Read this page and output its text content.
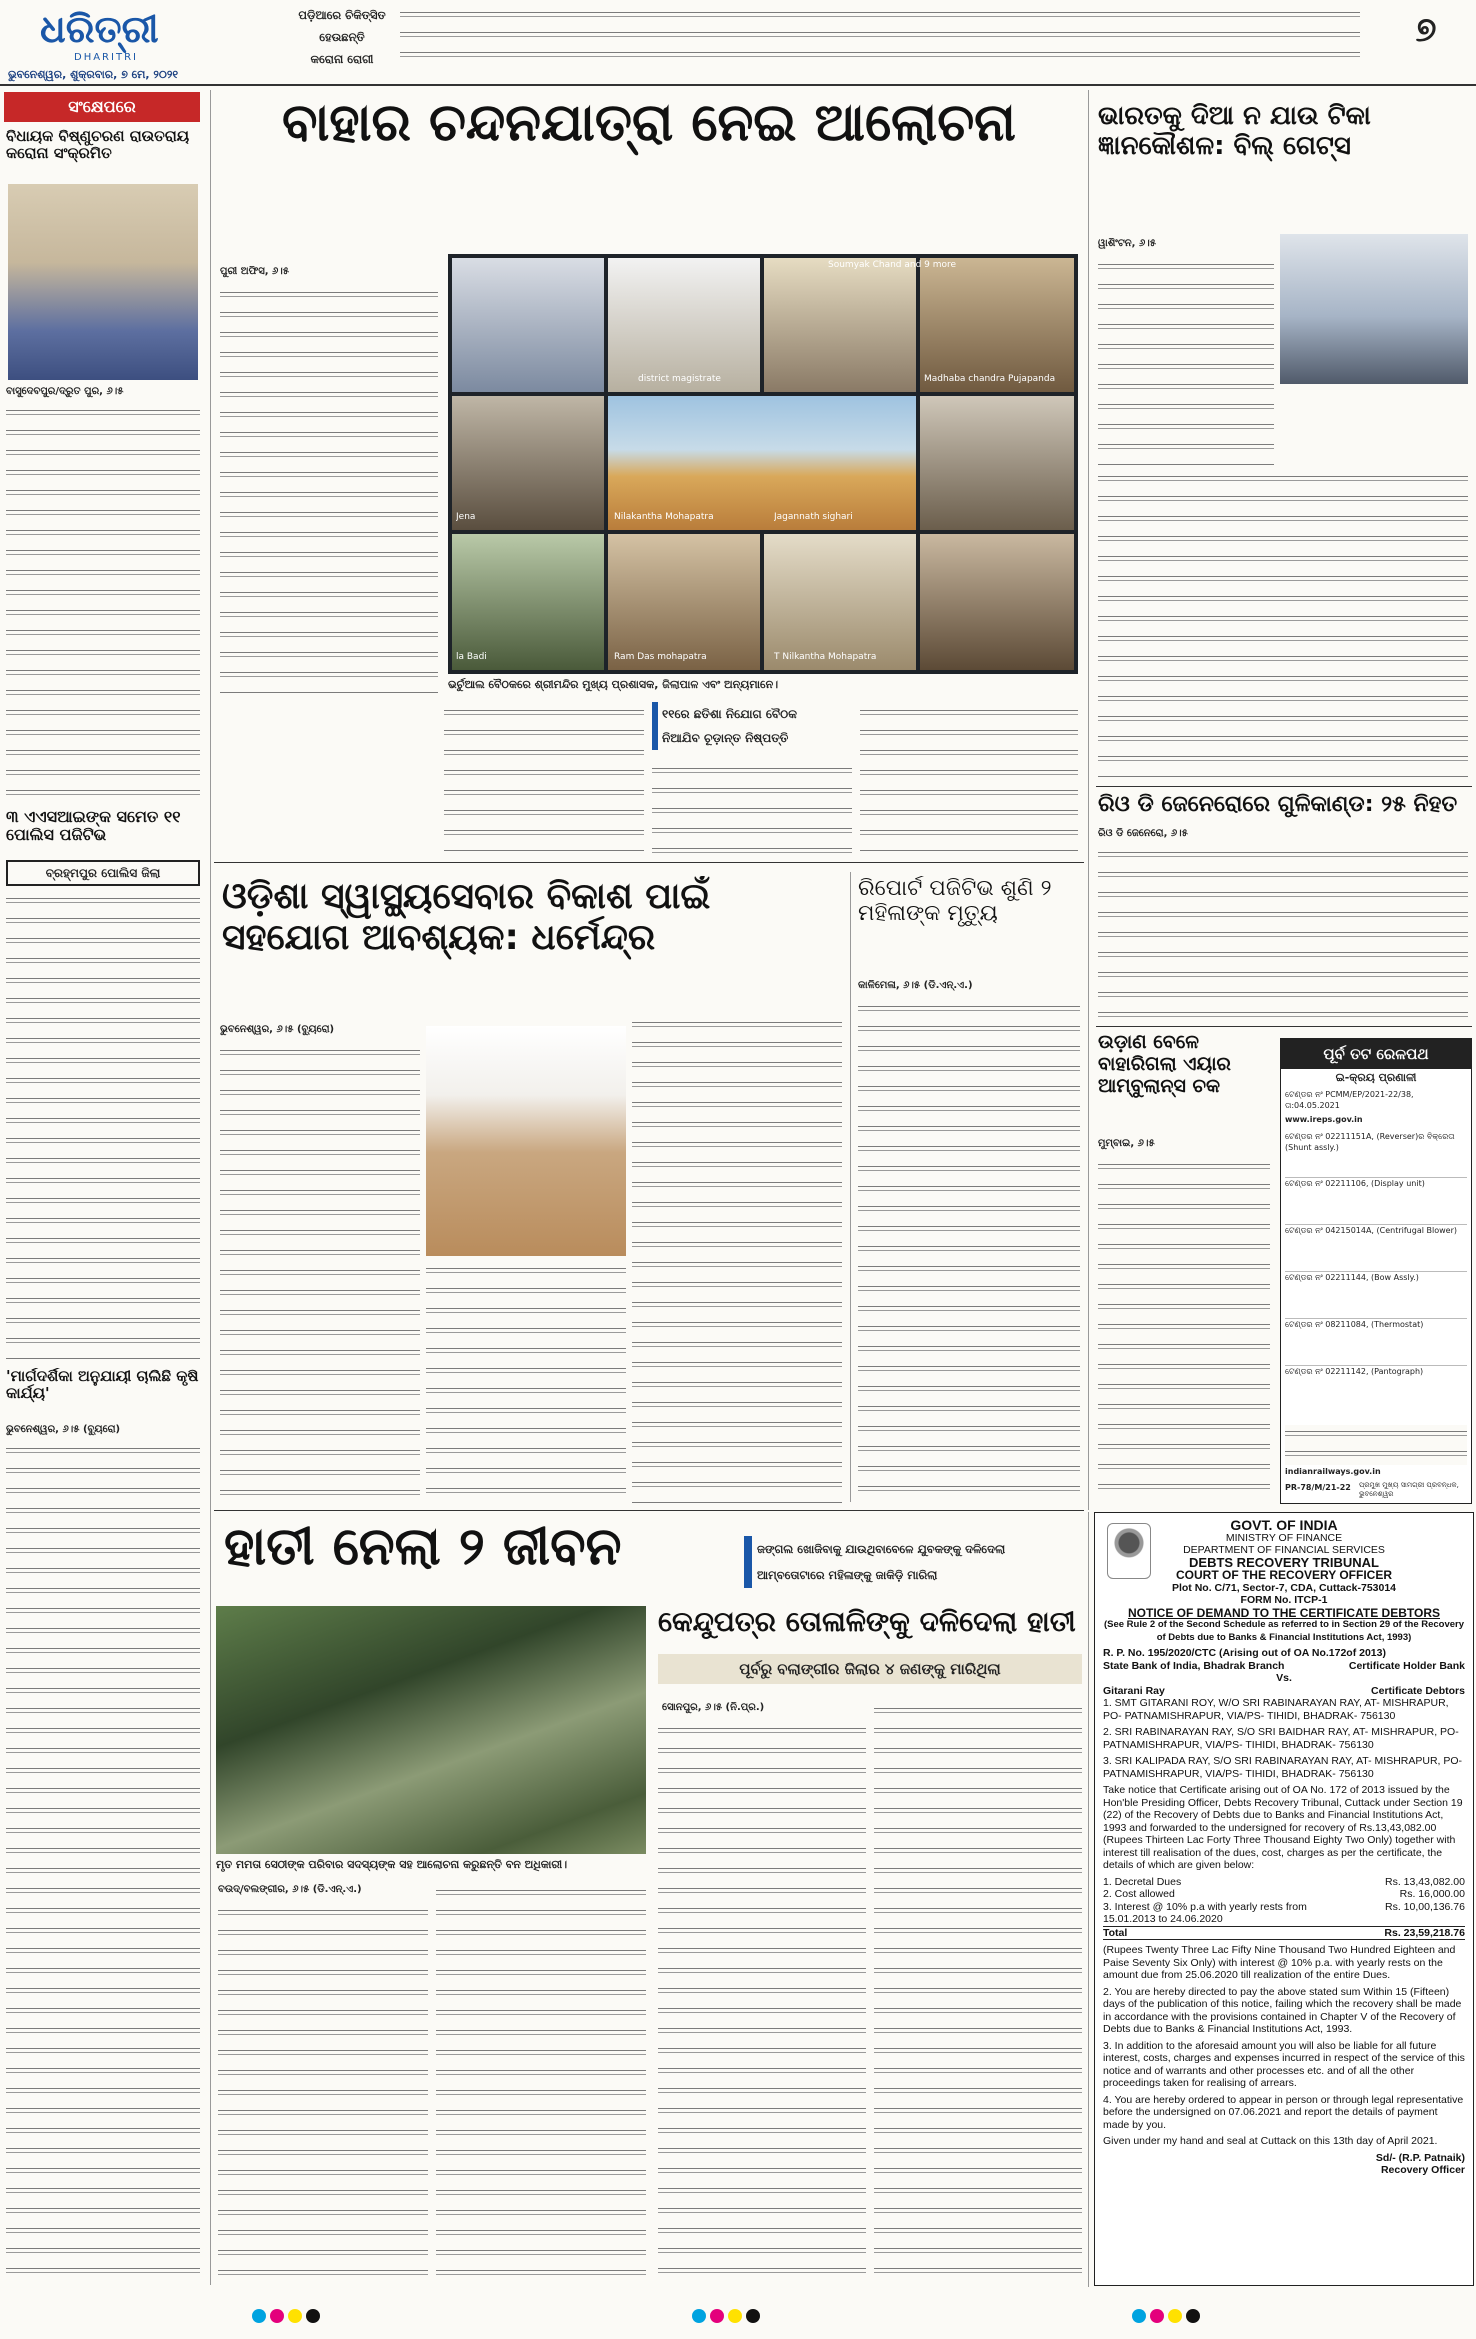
ଧରିତ୍ରୀ
DHARITRI
ଭୁବନେଶ୍ୱର, ଶୁକ୍ରବାର, ୭ ମେ, ୨୦୨୧
ପଡ଼ିଆରେ ଚିକିତ୍ସିତ
ହେଉଛନ୍ତି
କରୋନା ରୋଗୀ
୭
ସଂକ୍ଷେପରେ
ବିଧାୟକ ବିଷ୍ଣୁଚରଣ ରାଉତରାୟ କରୋନା ସଂକ୍ରମିତ
ବାସୁଦେବପୁର/ଦ୍ରୁତ ପୁର, ୬।୫
୩ ଏଏସଆଇଙ୍କ ସମେତ ୧୧ ପୋଲିସ ପଜିଟିଭ
ବ୍ରହ୍ମପୁର ପୋଲିସ ଜିଲା
'ମାର୍ଗଦର୍ଶିକା ଅନୁଯାୟୀ ଚାଲିଛି କୃଷି କାର୍ଯ୍ୟ'
ଭୁବନେଶ୍ୱର, ୬।୫ (ବ୍ୟୁରୋ)
ବାହାର ଚନ୍ଦନଯାତ୍ରା ନେଇ ଆଲୋଚନା
ପୁରୀ ଅଫିସ, ୬।୫
district magistrate
Soumyak Chand and 9 more
Madhaba chandra Pujapanda
Jena	Nilakantha Mohapatra	Jagannath sighari
la Badi	Ram Das mohapatra	T Nilkantha Mohapatra
ଭର୍ଚୁଆଲ ବୈଠକରେ ଶ୍ରୀମନ୍ଦିର ମୁଖ୍ୟ ପ୍ରଶାସକ, ଜିଲାପାଳ ଏବଂ ଅନ୍ୟମାନେ।
୧୧ରେ ଛତିଶା ନିଯୋଗ ବୈଠକ
ନିଆଯିବ ଚୂଡ଼ାନ୍ତ ନିଷ୍ପତ୍ତି
ଭାରତକୁ ଦିଆ ନ ଯାଉ ଟିକା ଜ୍ଞାନକୌଶଳ: ବିଲ୍ ଗେଟ୍ସ
ୱାଶିଂଟନ, ୬।୫
ରିଓ ଡି ଜେନେରୋରେ ଗୁଳିକାଣ୍ଡ: ୨୫ ନିହତ
ରିଓ ଡି ଜେନେରୋ, ୬।୫
ଉଡ଼ାଣ ବେଳେ ବାହାରିଗଲା ଏୟାର ଆମ୍ବୁଲାନ୍ସ ଚକ
ମୁମ୍ବାଇ, ୬।୫
ପୂର୍ବ ତଟ ରେଳପଥ
ଇ-କ୍ରୟ ପ୍ରଣାଳୀ
ଟେଣ୍ଡର ନଂ PCMM/EP/2021-22/38, ତା:04.05.2021
www.ireps.gov.in
ଟେଣ୍ଡର ନଂ 02211151A, (Reverser)ର ବିକ୍ରେତା (Shunt assly.)
ଟେଣ୍ଡର ନଂ 02211106, (Display unit)
ଟେଣ୍ଡର ନଂ 04215014A, (Centrifugal Blower)
ଟେଣ୍ଡର ନଂ 02211144, (Bow Assly.)
ଟେଣ୍ଡର ନଂ 08211084, (Thermostat)
ଟେଣ୍ଡର ନଂ 02211142, (Pantograph)
indianrailways.gov.in
PR-78/M/21-22	ପ୍ରମୁଖ ମୁଖ୍ୟ ସାମଗ୍ରୀ ପ୍ରବନ୍ଧକ, ଭୁବନେଶ୍ୱର
ଓଡ଼ିଶା ସ୍ୱାସ୍ଥ୍ୟସେବାର ବିକାଶ ପାଇଁ ସହଯୋଗ ଆବଶ୍ୟକ: ଧର୍ମେନ୍ଦ୍ର
ଭୁବନେଶ୍ୱର, ୬।୫ (ବ୍ୟୁରୋ)
ରିପୋର୍ଟ ପଜିଟିଭ ଶୁଣି ୨ ମହିଳାଙ୍କ ମୃତ୍ୟୁ
କାଳିମେଳା, ୬।୫ (ଡି.ଏନ୍.ଏ.)
ହାତୀ ନେଲା ୨ ଜୀବନ	ଜଙ୍ଗଲ ଖୋଜିବାକୁ ଯାଉଥିବାବେଳେ ଯୁବକଙ୍କୁ ଦଳିଦେଲା
ଆମ୍ବତୋଟାରେ ମହିଳାଙ୍କୁ ଜାକିଡ଼ି ମାରିଲା
ମୃତ ମମତା ସେଠୀଙ୍କ ପରିବାର ସଦସ୍ୟଙ୍କ ସହ ଆଲୋଚନା କରୁଛନ୍ତି ବନ ଅଧିକାରୀ।
ବଉଦ୍/ବଲଙ୍ଗୀର, ୬।୫ (ଡି.ଏନ୍.ଏ.)
କେନ୍ଦୁପତ୍ର ତୋଳାଳିଙ୍କୁ ଦଳିଦେଲା ହାତୀ
ପୂର୍ବରୁ ବଲାଙ୍ଗୀର ଜିଲାର ୪ ଜଣଙ୍କୁ ମାରିଥିଲା
ସୋନପୁର, ୬।୫ (ନି.ପ୍ର.)
GOVT. OF INDIA
MINISTRY OF FINANCE
DEPARTMENT OF FINANCIAL SERVICES
DEBTS RECOVERY TRIBUNAL
COURT OF THE RECOVERY OFFICER
Plot No. C/71, Sector-7, CDA, Cuttack-753014
FORM No. ITCP-1
NOTICE OF DEMAND TO THE CERTIFICATE DEBTORS
(See Rule 2 of the Second Schedule as referred to in Section 29 of the Recovery of Debts due to Banks & Financial Institutions Act, 1993)
R. P. No. 195/2020/CTC (Arising out of OA No.172of 2013)
State Bank of India, Bhadrak Branch	Certificate Holder Bank
Vs.
Gitarani Ray	Certificate Debtors

1. SMT GITARANI ROY, W/O SRI RABINARAYAN RAY, AT- MISHRAPUR, PO- PATNAMISHRAPUR, VIA/PS- TIHIDI, BHADRAK- 756130

2. SRI RABINARAYAN RAY, S/O SRI BAIDHAR RAY, AT- MISHRAPUR, PO- PATNAMISHRAPUR, VIA/PS- TIHIDI, BHADRAK- 756130

3. SRI KALIPADA RAY, S/O SRI RABINARAYAN RAY, AT- MISHRAPUR, PO- PATNAMISHRAPUR, VIA/PS- TIHIDI, BHADRAK- 756130

Take notice that Certificate arising out of OA No. 172 of 2013 issued by the Hon'ble Presiding Officer, Debts Recovery Tribunal, Cuttack under Section 19 (22) of the Recovery of Debts due to Banks and Financial Institutions Act, 1993 and forwarded to the undersigned for recovery of Rs.13,43,082.00 (Rupees Thirteen Lac Forty Three Thousand Eighty Two Only) together with interest till realisation of the dues, cost, charges as per the certificate, the details of which are given below:

1. Decretal Dues	Rs. 13,43,082.00
2. Cost allowed	Rs. 16,000.00
3. Interest @ 10% p.a with yearly rests from 15.01.2013 to 24.06.2020
Rs. 10,00,136.76
Total	Rs. 23,59,218.76

(Rupees Twenty Three Lac Fifty Nine Thousand Two Hundred Eighteen and Paise Seventy Six Only) with interest @ 10% p.a. with yearly rests on the amount due from 25.06.2020 till realization of the entire Dues.

2. You are hereby directed to pay the above stated sum Within 15 (Fifteen) days of the publication of this notice, failing which the recovery shall be made in accordance with the provisions contained in Chapter V of the Recovery of Debts due to Banks & Financial Institutions Act, 1993.

3. In addition to the aforesaid amount you will also be liable for all future interest, costs, charges and expenses incurred in respect of the service of this notice and of warrants and other processes etc. and of all the other proceedings taken for realising of arrears.

4. You are hereby ordered to appear in person or through legal representative before the undersigned on 07.06.2021 and report the details of payment made by you.

Given under my hand and seal at Cuttack on this 13th day of April 2021.

Sd/- (R.P. Patnaik)
Recovery Officer
